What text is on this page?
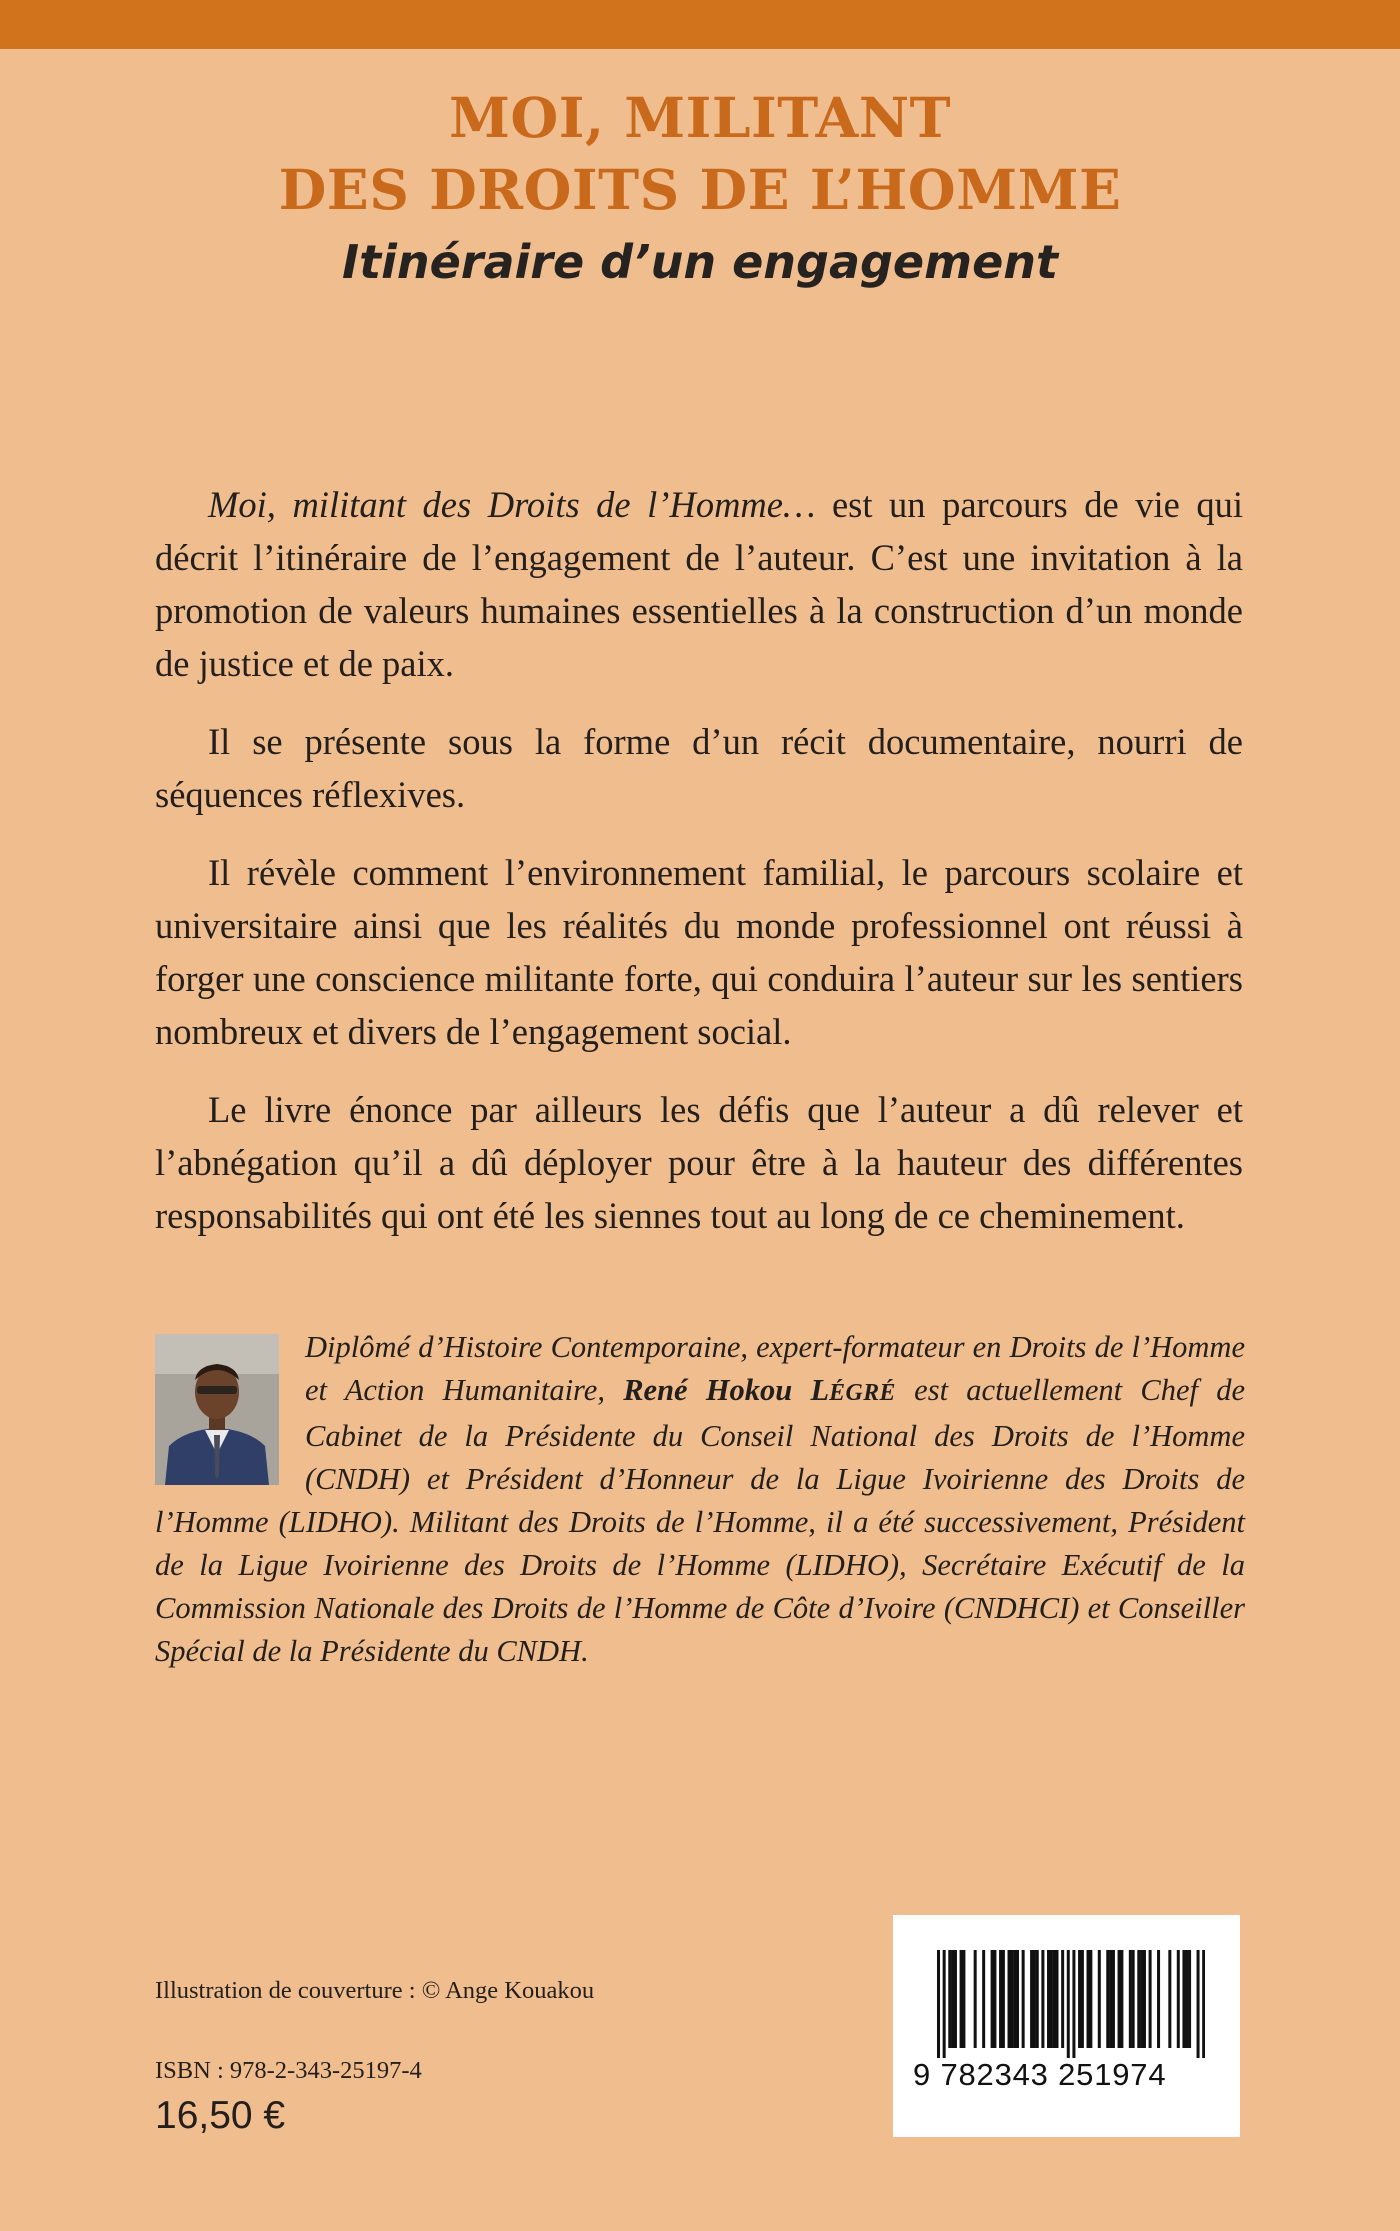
MOI, MILITANT
DES DROITS DE L’HOMME
Itinéraire d’un engagement

Moi, militant des Droits de l’Homme… est un parcours de vie qui décrit l’itinéraire de l’engagement de l’auteur. C’est une invitation à la promotion de valeurs humaines essentielles à la construction d’un monde de justice et de paix.

Il se présente sous la forme d’un récit documentaire, nourri de séquences réflexives.

Il révèle comment l’environnement familial, le parcours scolaire et universitaire ainsi que les réalités du monde professionnel ont réussi à forger une conscience militante forte, qui conduira l’auteur sur les sentiers nombreux et divers de l’engagement social.

Le livre énonce par ailleurs les défis que l’auteur a dû relever et l’abnégation qu’il a dû déployer pour être à la hauteur des différentes responsabilités qui ont été les siennes tout au long de ce cheminement.

Diplômé d’Histoire Contemporaine, expert-formateur en Droits de l’Homme et Action Humanitaire, René Hokou LÉGRÉ est actuellement Chef de Cabinet de la Présidente du Conseil National des Droits de l’Homme (CNDH) et Président d’Honneur de la Ligue Ivoirienne des Droits de l’Homme (LIDHO). Militant des Droits de l’Homme, il a été successivement, Président de la Ligue Ivoirienne des Droits de l’Homme (LIDHO), Secrétaire Exécutif de la Commission Nationale des Droits de l’Homme de Côte d’Ivoire (CNDHCI) et Conseiller Spécial de la Présidente du CNDH.
Illustration de couverture : © Ange Kouakou
ISBN : 978-2-343-25197-4
16,50 €
9 782343 251974
